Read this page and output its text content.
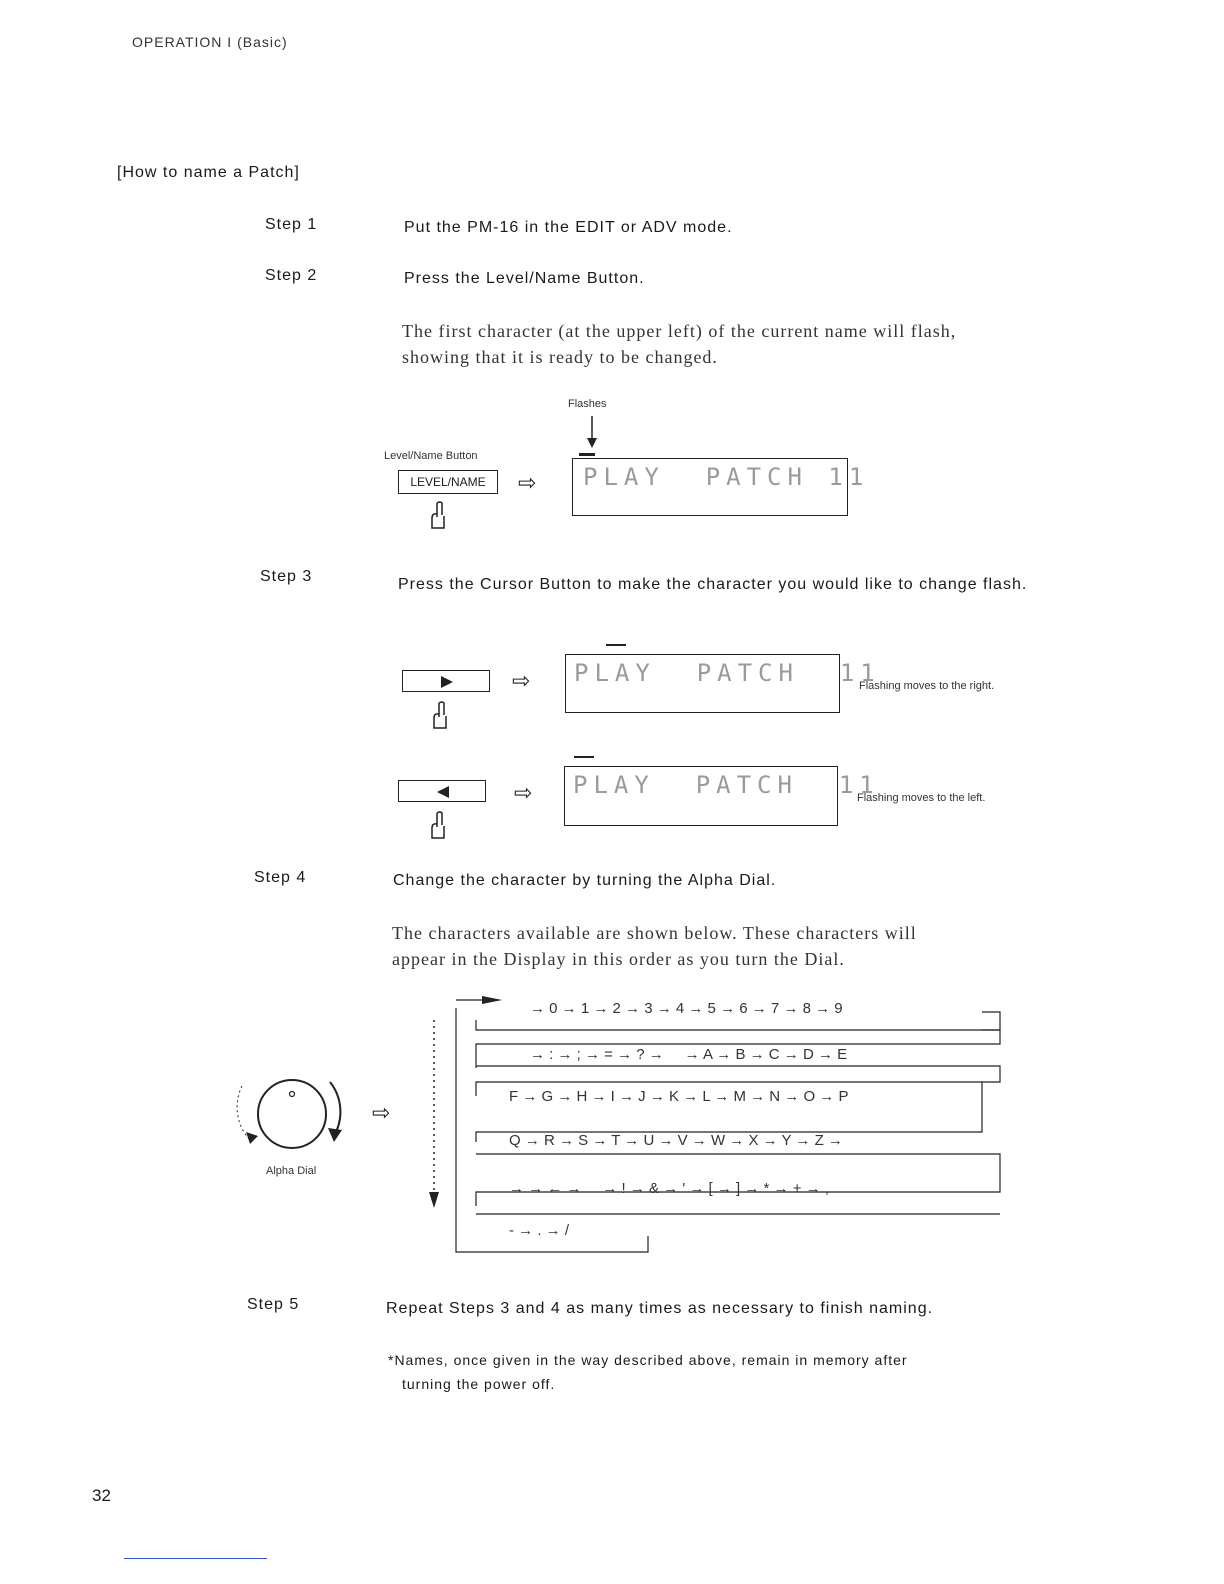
OPERATION I (Basic)
[How to name a Patch]
Step 1	Put the PM-16 in the EDIT or ADV mode.
Step 2	Press the Level/Name Button.
The first character (at the upper left) of the current name will flash,
showing that it is ready to be changed.
Flashes
Level/Name Button
LEVEL/NAME	⇨ PLAY  PATCH 11
Step 3	Press the Cursor Button to make the character you would like to change flash.
⇨ PLAY  PATCH  11
Flashing moves to the right.
⇨ PLAY  PATCH  11
Flashing moves to the left.
Step 4	Change the character by turning the Alpha Dial.
The characters available are shown below. These characters will
appear in the Display in this order as you turn the Dial.
Alpha Dial
⇨
→ 0 → 1 → 2 → 3 → 4 → 5 → 6 → 7 → 8 → 9
→ : → ; → = → ? →     → A → B → C → D → E
F → G → H → I → J → K → L → M → N → O → P
Q → R → S → T → U → V → W → X → Y → Z →
→ → ← →     → ! → & → ' → [ → ] → * → + → ,
- → . → /
Step 5	Repeat Steps 3 and 4 as many times as necessary to finish naming.
*Names, once given in the way described above, remain in memory after
turning the power off.
32
